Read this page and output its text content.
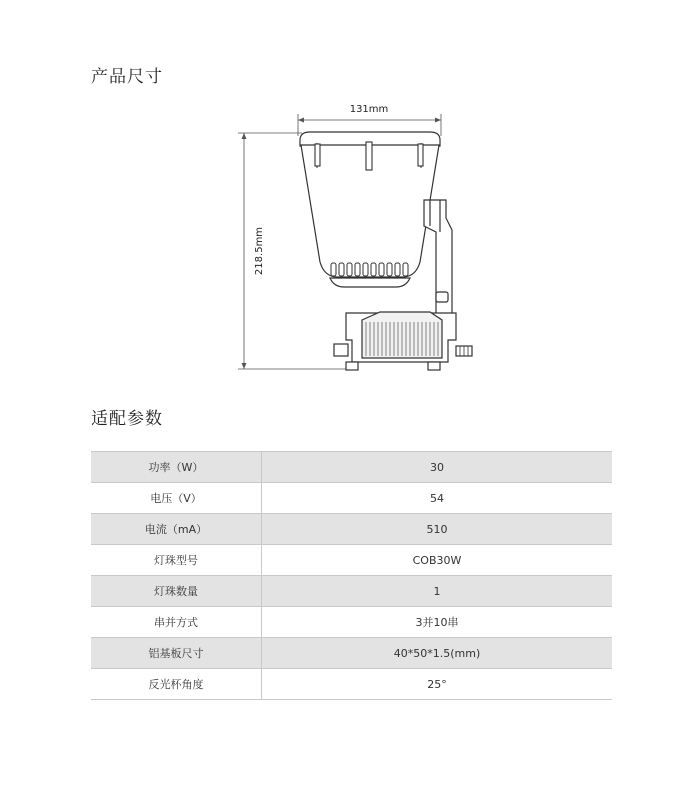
产品尺寸
131mm
218.5mm
适配参数
功率（W）	30
电压（V）	54
电流（mA）	510
灯珠型号	COB30W
灯珠数量	1
串并方式	3并10串
铝基板尺寸	40*50*1.5(mm)
反光杯角度	25°
